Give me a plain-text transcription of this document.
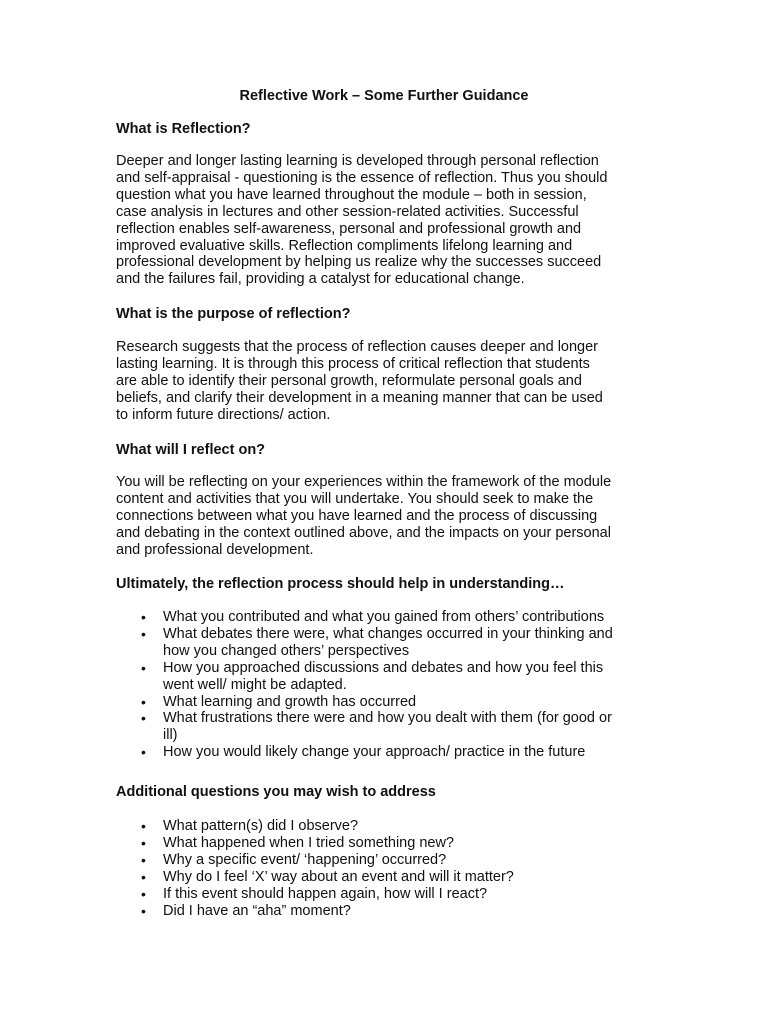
Reflective Work – Some Further Guidance
What is Reflection?
Deeper and longer lasting learning is developed through personal reflection
and self-appraisal - questioning is the essence of reflection. Thus you should
question what you have learned throughout the module – both in session,
case analysis in lectures and other session-related activities. Successful
reflection enables self-awareness, personal and professional growth and
improved evaluative skills. Reflection compliments lifelong learning and
professional development by helping us realize why the successes succeed
and the failures fail, providing a catalyst for educational change.
What is the purpose of reflection?
Research suggests that the process of reflection causes deeper and longer
lasting learning. It is through this process of critical reflection that students
are able to identify their personal growth, reformulate personal goals and
beliefs, and clarify their development in a meaning manner that can be used
to inform future directions/ action.
What will I reflect on?
You will be reflecting on your experiences within the framework of the module
content and activities that you will undertake. You should seek to make the
connections between what you have learned and the process of discussing
and debating in the context outlined above, and the impacts on your personal
and professional development.
Ultimately, the reflection process should help in understanding…
• What you contributed and what you gained from others’ contributions
• What debates there were, what changes occurred in your thinking and
how you changed others’ perspectives
• How you approached discussions and debates and how you feel this
went well/ might be adapted.
• What learning and growth has occurred
• What frustrations there were and how you dealt with them (for good or
ill)
• How you would likely change your approach/ practice in the future
Additional questions you may wish to address
• What pattern(s) did I observe?
• What happened when I tried something new?
• Why a specific event/ ‘happening’ occurred?
• Why do I feel ‘X’ way about an event and will it matter?
• If this event should happen again, how will I react?
• Did I have an “aha” moment?
